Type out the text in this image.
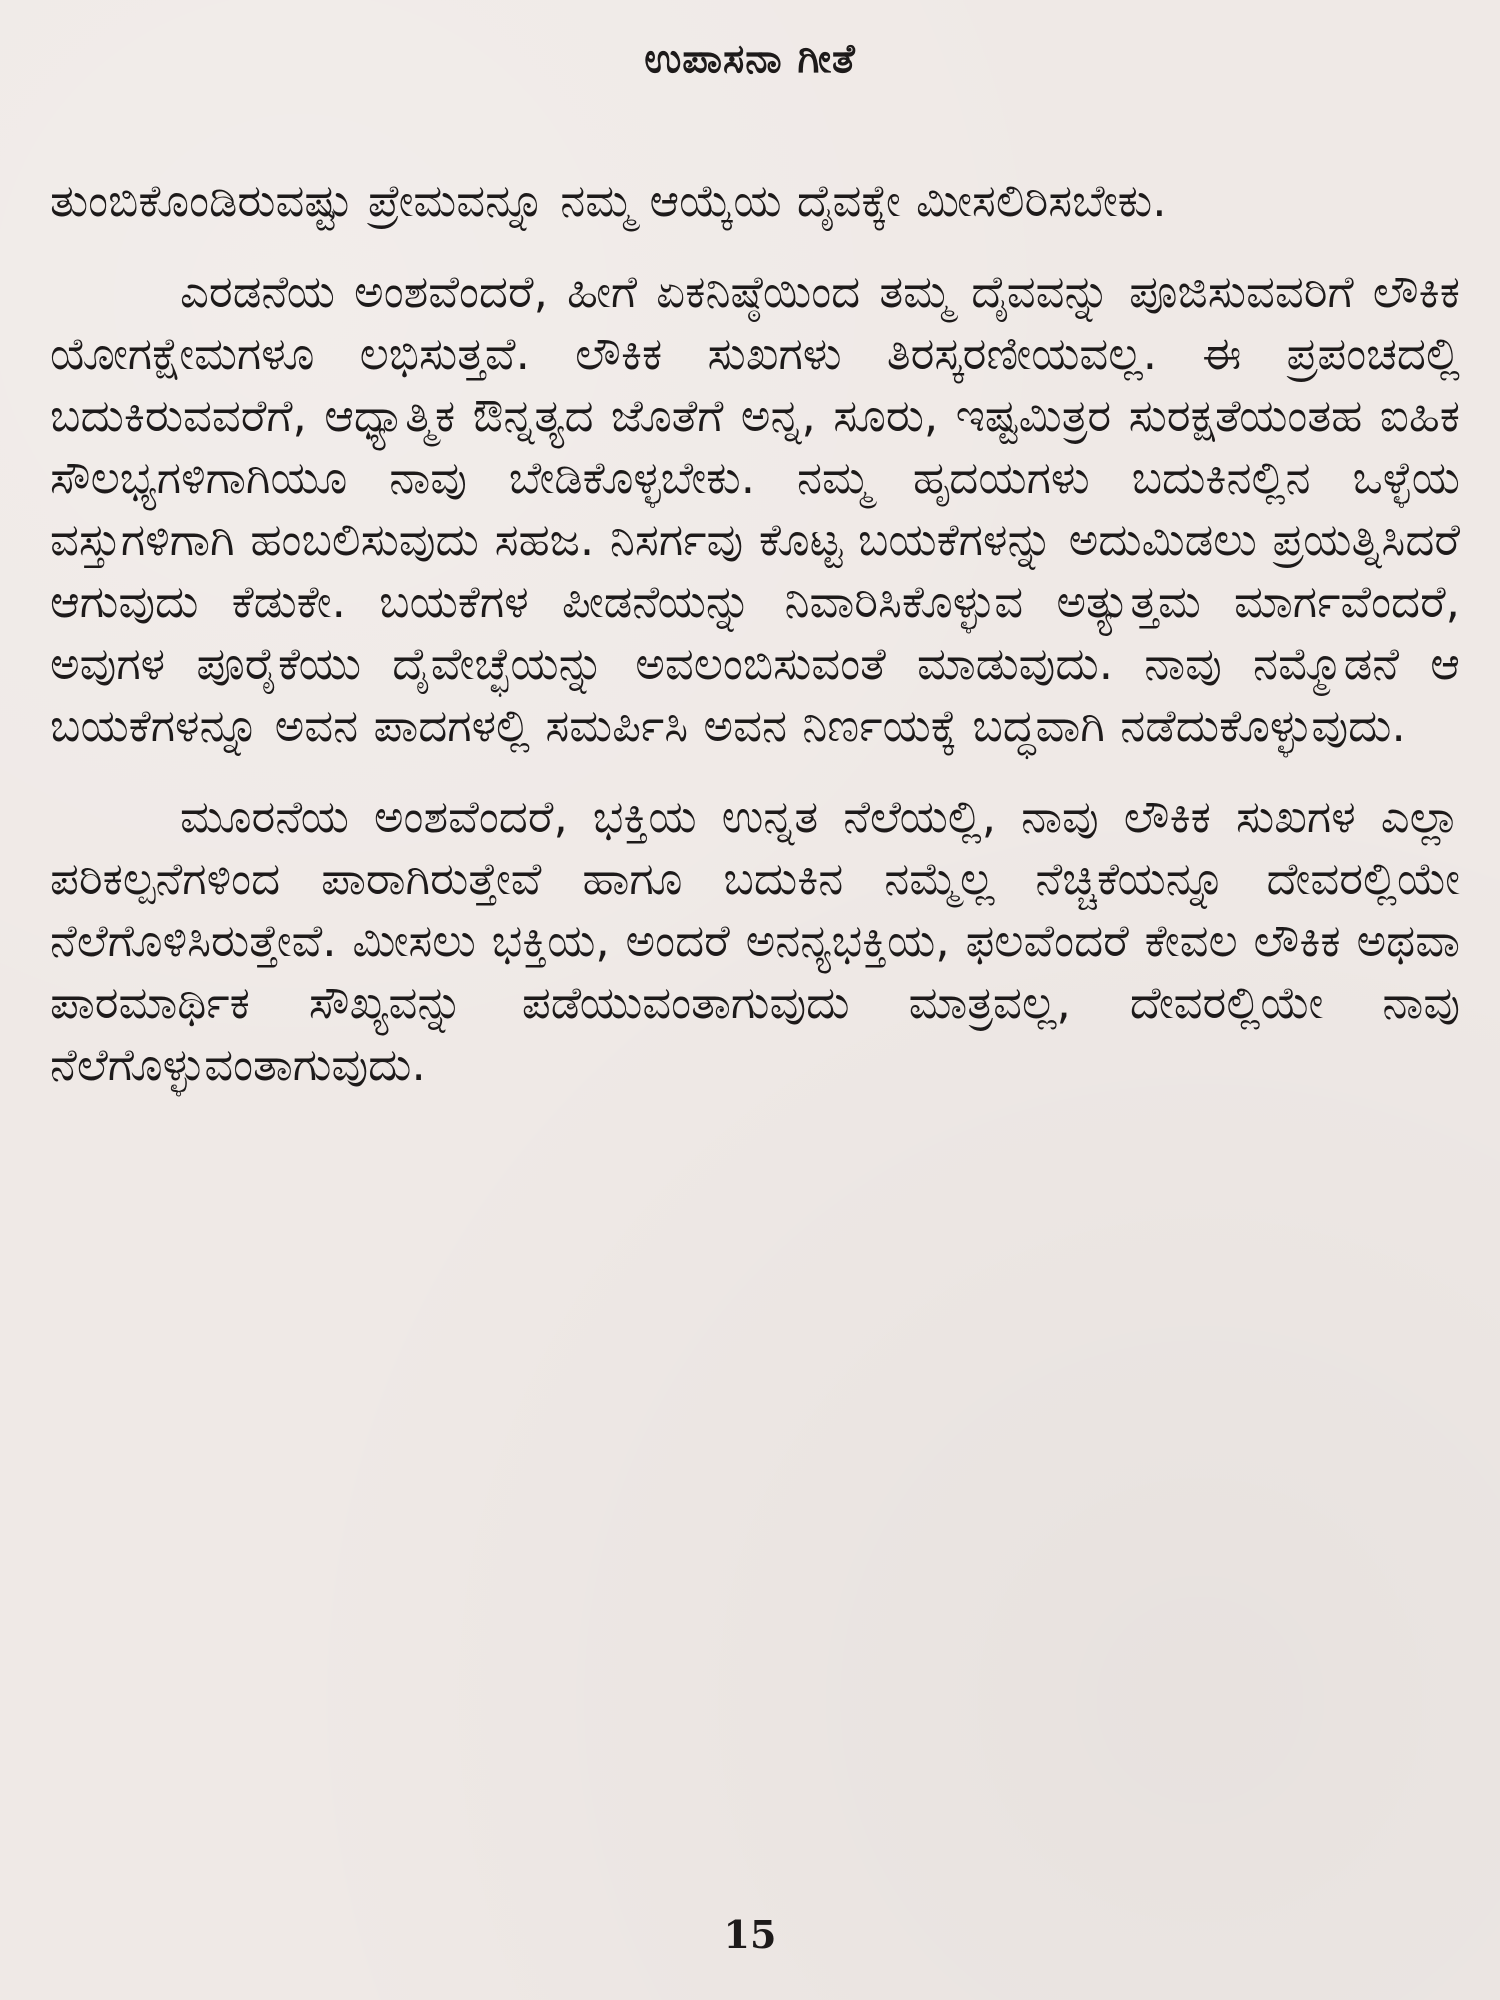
ಉಪಾಸನಾ ಗೀತೆ

ತುಂಬಿಕೊಂಡಿರುವಷ್ಟು ಪ್ರೇಮವನ್ನೂ ನಮ್ಮ ಆಯ್ಕೆಯ ದೈವಕ್ಕೇ ಮೀಸಲಿರಿಸಬೇಕು.

ಎರಡನೆಯ ಅಂಶವೆಂದರೆ, ಹೀಗೆ ಏಕನಿಷ್ಠೆಯಿಂದ ತಮ್ಮ ದೈವವನ್ನು ಪೂಜಿಸುವವರಿಗೆ ಲೌಕಿಕ ಯೋಗಕ್ಷೇಮಗಳೂ ಲಭಿಸುತ್ತವೆ. ಲೌಕಿಕ ಸುಖಗಳು ತಿರಸ್ಕರಣೀಯವಲ್ಲ. ಈ ಪ್ರಪಂಚದಲ್ಲಿ ಬದುಕಿರುವವರೆಗೆ, ಆಧ್ಯಾತ್ಮಿಕ ಔನ್ನತ್ಯದ ಜೊತೆಗೆ ಅನ್ನ, ಸೂರು, ಇಷ್ಟಮಿತ್ರರ ಸುರಕ್ಷತೆಯಂತಹ ಐಹಿಕ ಸೌಲಭ್ಯಗಳಿಗಾಗಿಯೂ ನಾವು ಬೇಡಿಕೊಳ್ಳಬೇಕು. ನಮ್ಮ ಹೃದಯಗಳು ಬದುಕಿನಲ್ಲಿನ ಒಳ್ಳೆಯ ವಸ್ತುಗಳಿಗಾಗಿ ಹಂಬಲಿಸುವುದು ಸಹಜ. ನಿಸರ್ಗವು ಕೊಟ್ಟ ಬಯಕೆಗಳನ್ನು ಅದುಮಿಡಲು ಪ್ರಯತ್ನಿಸಿದರೆ ಆಗುವುದು ಕೆಡುಕೇ. ಬಯಕೆಗಳ ಪೀಡನೆಯನ್ನು ನಿವಾರಿಸಿಕೊಳ್ಳುವ ಅತ್ಯುತ್ತಮ ಮಾರ್ಗವೆಂದರೆ, ಅವುಗಳ ಪೂರೈಕೆಯು ದೈವೇಚ್ಛೆಯನ್ನು ಅವಲಂಬಿಸುವಂತೆ ಮಾಡುವುದು. ನಾವು ನಮ್ಮೊಡನೆ ಆ ಬಯಕೆಗಳನ್ನೂ ಅವನ ಪಾದಗಳಲ್ಲಿ ಸಮರ್ಪಿಸಿ ಅವನ ನಿರ್ಣಯಕ್ಕೆ ಬದ್ಧವಾಗಿ ನಡೆದುಕೊಳ್ಳುವುದು.

ಮೂರನೆಯ ಅಂಶವೆಂದರೆ, ಭಕ್ತಿಯ ಉನ್ನತ ನೆಲೆಯಲ್ಲಿ, ನಾವು ಲೌಕಿಕ ಸುಖಗಳ ಎಲ್ಲಾ ಪರಿಕಲ್ಪನೆಗಳಿಂದ ಪಾರಾಗಿರುತ್ತೇವೆ ಹಾಗೂ ಬದುಕಿನ ನಮ್ಮೆಲ್ಲ ನೆಚ್ಚಿಕೆಯನ್ನೂ ದೇವರಲ್ಲಿಯೇ ನೆಲೆಗೊಳಿಸಿರುತ್ತೇವೆ. ಮೀಸಲು ಭಕ್ತಿಯ, ಅಂದರೆ ಅನನ್ಯಭಕ್ತಿಯ, ಫಲವೆಂದರೆ ಕೇವಲ ಲೌಕಿಕ ಅಥವಾ ಪಾರಮಾರ್ಥಿಕ ಸೌಖ್ಯವನ್ನು ಪಡೆಯುವಂತಾಗುವುದು ಮಾತ್ರವಲ್ಲ, ದೇವರಲ್ಲಿಯೇ ನಾವು ನೆಲೆಗೊಳ್ಳುವಂತಾಗುವುದು.

15
